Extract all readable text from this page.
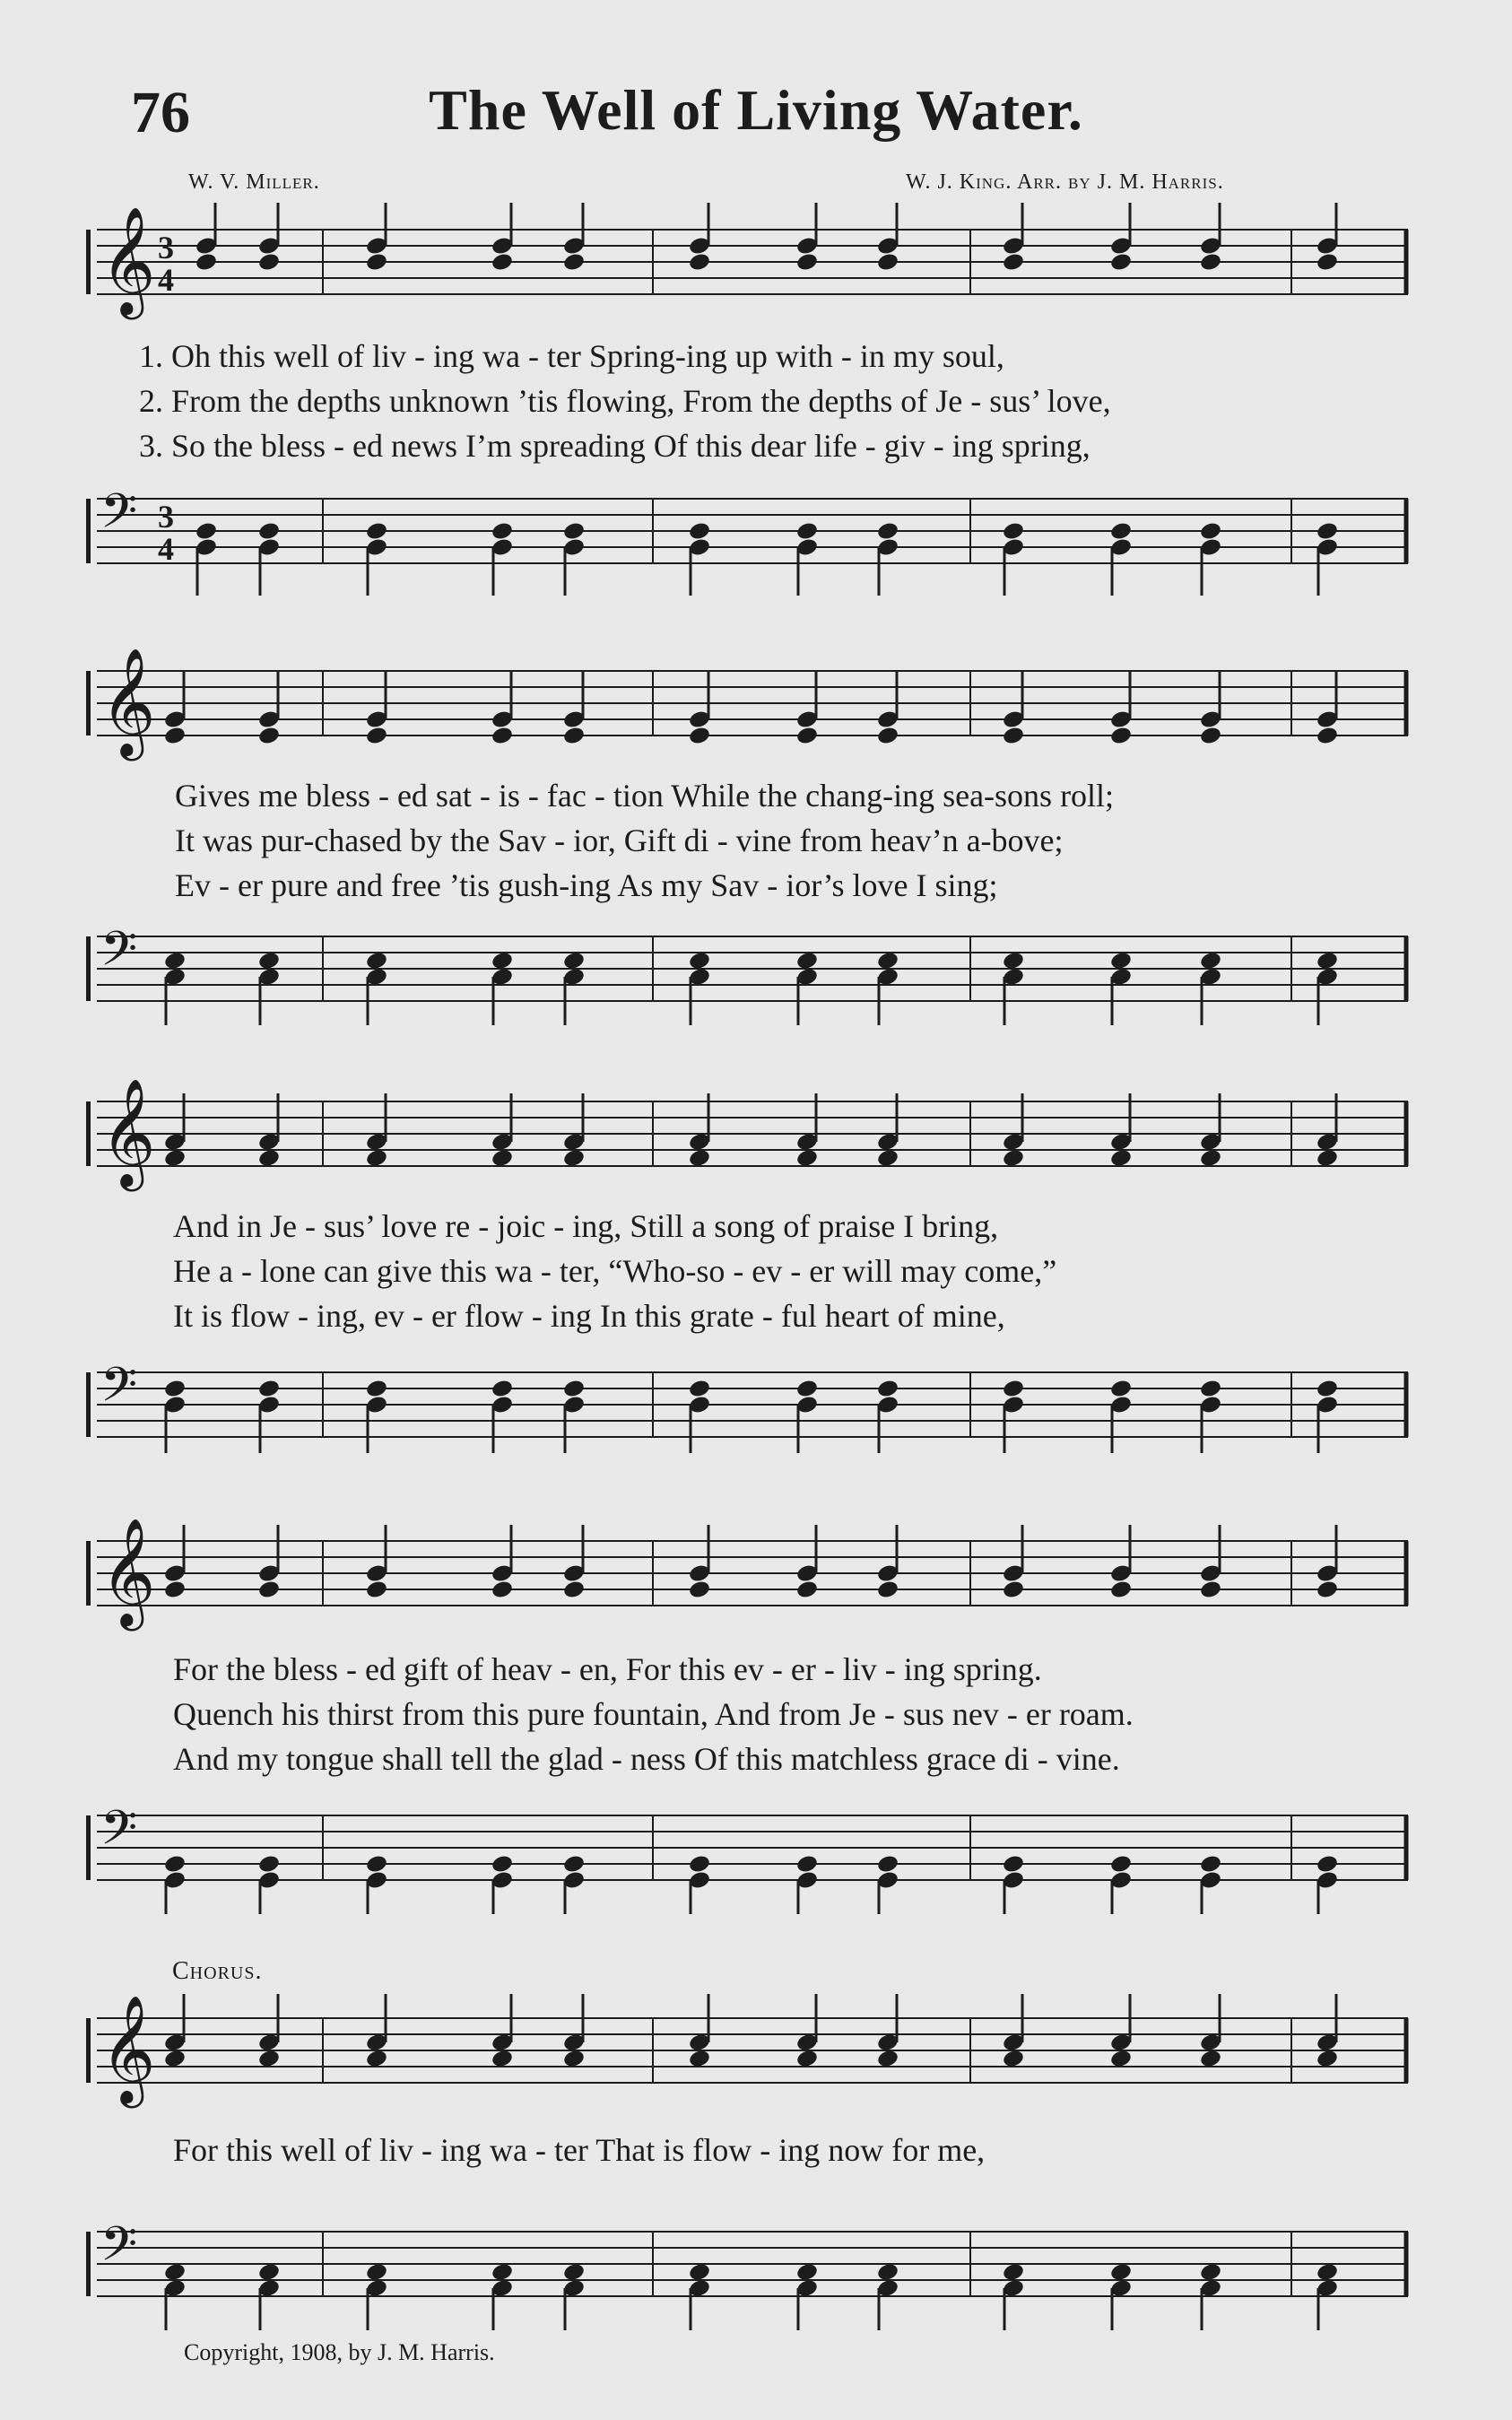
76	The Well of Living Water.
W. V. Miller.	W. J. King. Arr. by J. M. Harris.
𝄞 3
4
𝄢 3
4
𝄞
𝄢
𝄞
𝄢
𝄞
𝄢
𝄞
𝄢
1. Oh this well of liv - ing wa - ter Spring-ing up with - in my soul,
2. From the depths unknown ’tis flowing, From the depths of Je - sus’ love,
3. So the bless - ed news I’m spreading Of this dear life - giv - ing spring,
Gives me bless - ed sat - is - fac - tion While the chang-ing sea-sons roll;
It was pur-chased by the Sav - ior, Gift di - vine from heav’n a-bove;
Ev - er pure and free ’tis gush-ing As my Sav - ior’s love I sing;
And in Je - sus’ love re - joic - ing, Still a song of praise I bring,
He a - lone can give this wa - ter, “Who-so - ev - er will may come,”
It is flow - ing, ev - er flow - ing In this grate - ful heart of mine,
For the bless - ed gift of heav - en, For this ev - er - liv - ing spring.
Quench his thirst from this pure fountain, And from Je - sus nev - er roam.
And my tongue shall tell the glad - ness Of this matchless grace di - vine.
Chorus.
For this well of liv - ing wa - ter That is flow - ing now for me,
Copyright, 1908, by J. M. Harris.
